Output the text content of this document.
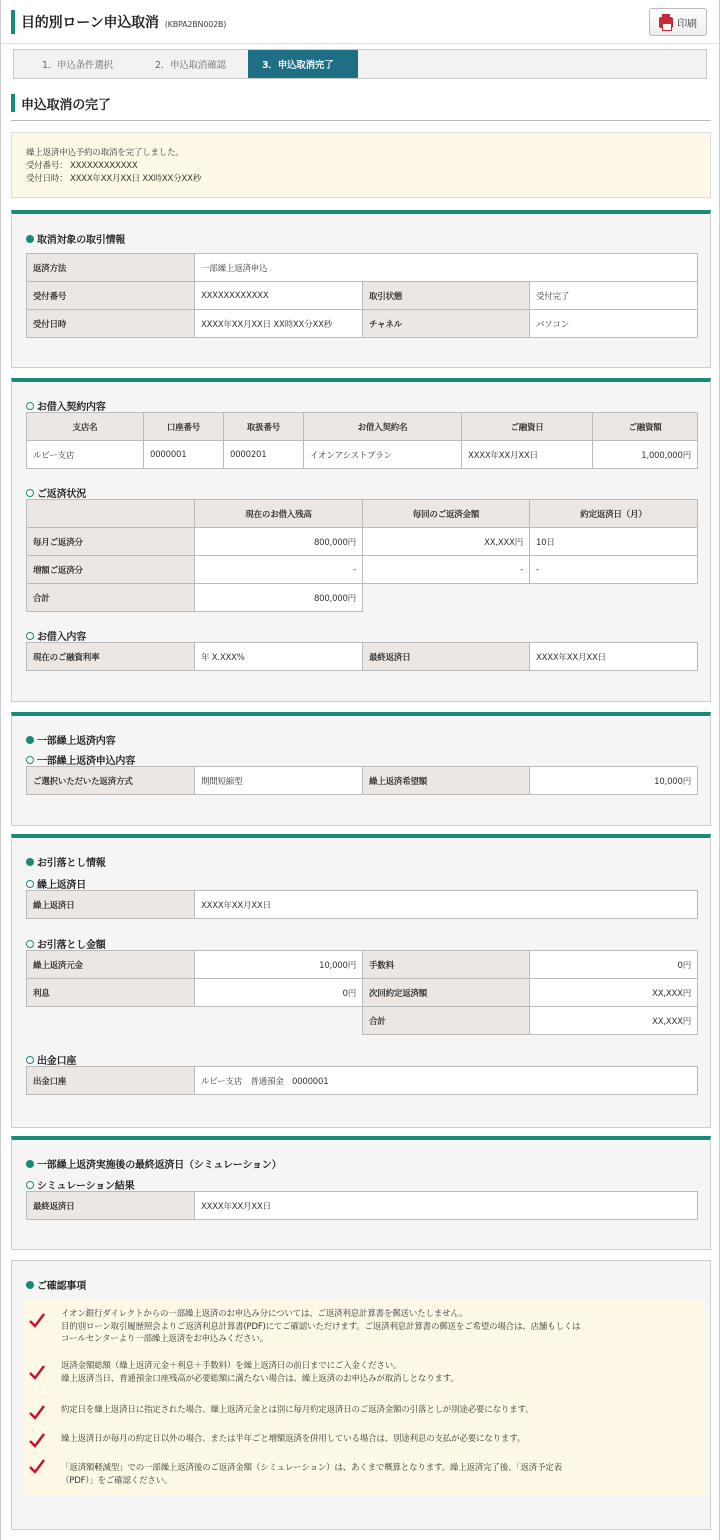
目的別ローン申込取消 (KBPA2BN002B)	印刷
1．申込条件選択	2．申込取消確認	3．申込取消完了
申込取消の完了
繰上返済申込予約の取消を完了しました。
受付番号： XXXXXXXXXXXX
受付日時： XXXX年XX月XX日 XX時XX分XX秒
取消対象の取引情報
返済方法	一部繰上返済申込		
受付番号	XXXXXXXXXXXX	取引状態	受付完了
受付日時	XXXX年XX月XX日 XX時XX分XX秒	チャネル	パソコン
お借入契約内容
支店名	口座番号	取扱番号	お借入契約名	ご融資日	ご融資額
ルビー支店	0000001	0000201	イオンアシストプラン	XXXX年XX月XX日	1,000,000円
ご返済状況
	現在のお借入残高	毎回のご返済金額	約定返済日（月）
毎月ご返済分	800,000円	XX,XXX円	10日
増額ご返済分	-	-	-
合計	800,000円		
お借入内容
現在のご融資利率	年 X.XXX%	最終返済日	XXXX年XX月XX日
一部繰上返済内容
一部繰上返済申込内容
ご選択いただいた返済方式	期間短縮型	繰上返済希望額	10,000円
お引落とし情報
繰上返済日
繰上返済日	XXXX年XX月XX日
お引落とし金額
繰上返済元金	10,000円	手数料	0円
利息	0円	次回約定返済額	XX,XXX円
		合計	XX,XXX円
出金口座
出金口座	ルビー支店　普通預金　0000001
一部繰上返済実施後の最終返済日（シミュレーション）
シミュレーション結果
最終返済日	XXXX年XX月XX日
ご確認事項
イオン銀行ダイレクトからの一部繰上返済のお申込み分については、ご返済利息計算書を郵送いたしません。
目的別ローン取引履歴照会よりご返済利息計算書(PDF)にてご確認いただけます。ご返済利息計算書の郵送をご希望の場合は、店舗もしくは
コールセンターより一部繰上返済をお申込みください。
返済金額総額（繰上返済元金＋利息＋手数料）を繰上返済日の前日までにご入金ください。
繰上返済当日、普通預金口座残高が必要総額に満たない場合は、繰上返済のお申込みが取消しとなります。
約定日を繰上返済日に指定された場合、繰上返済元金とは別に毎月約定返済日のご返済金額の引落としが別途必要になります。
繰上返済日が毎月の約定日以外の場合、または半年ごと増額返済を併用している場合は、別途利息の支払が必要になります。
「返済額軽減型」での一部繰上返済後のご返済金額（シミュレーション）は、あくまで概算となります。繰上返済完了後、「返済予定表
（PDF）」をご確認ください。
